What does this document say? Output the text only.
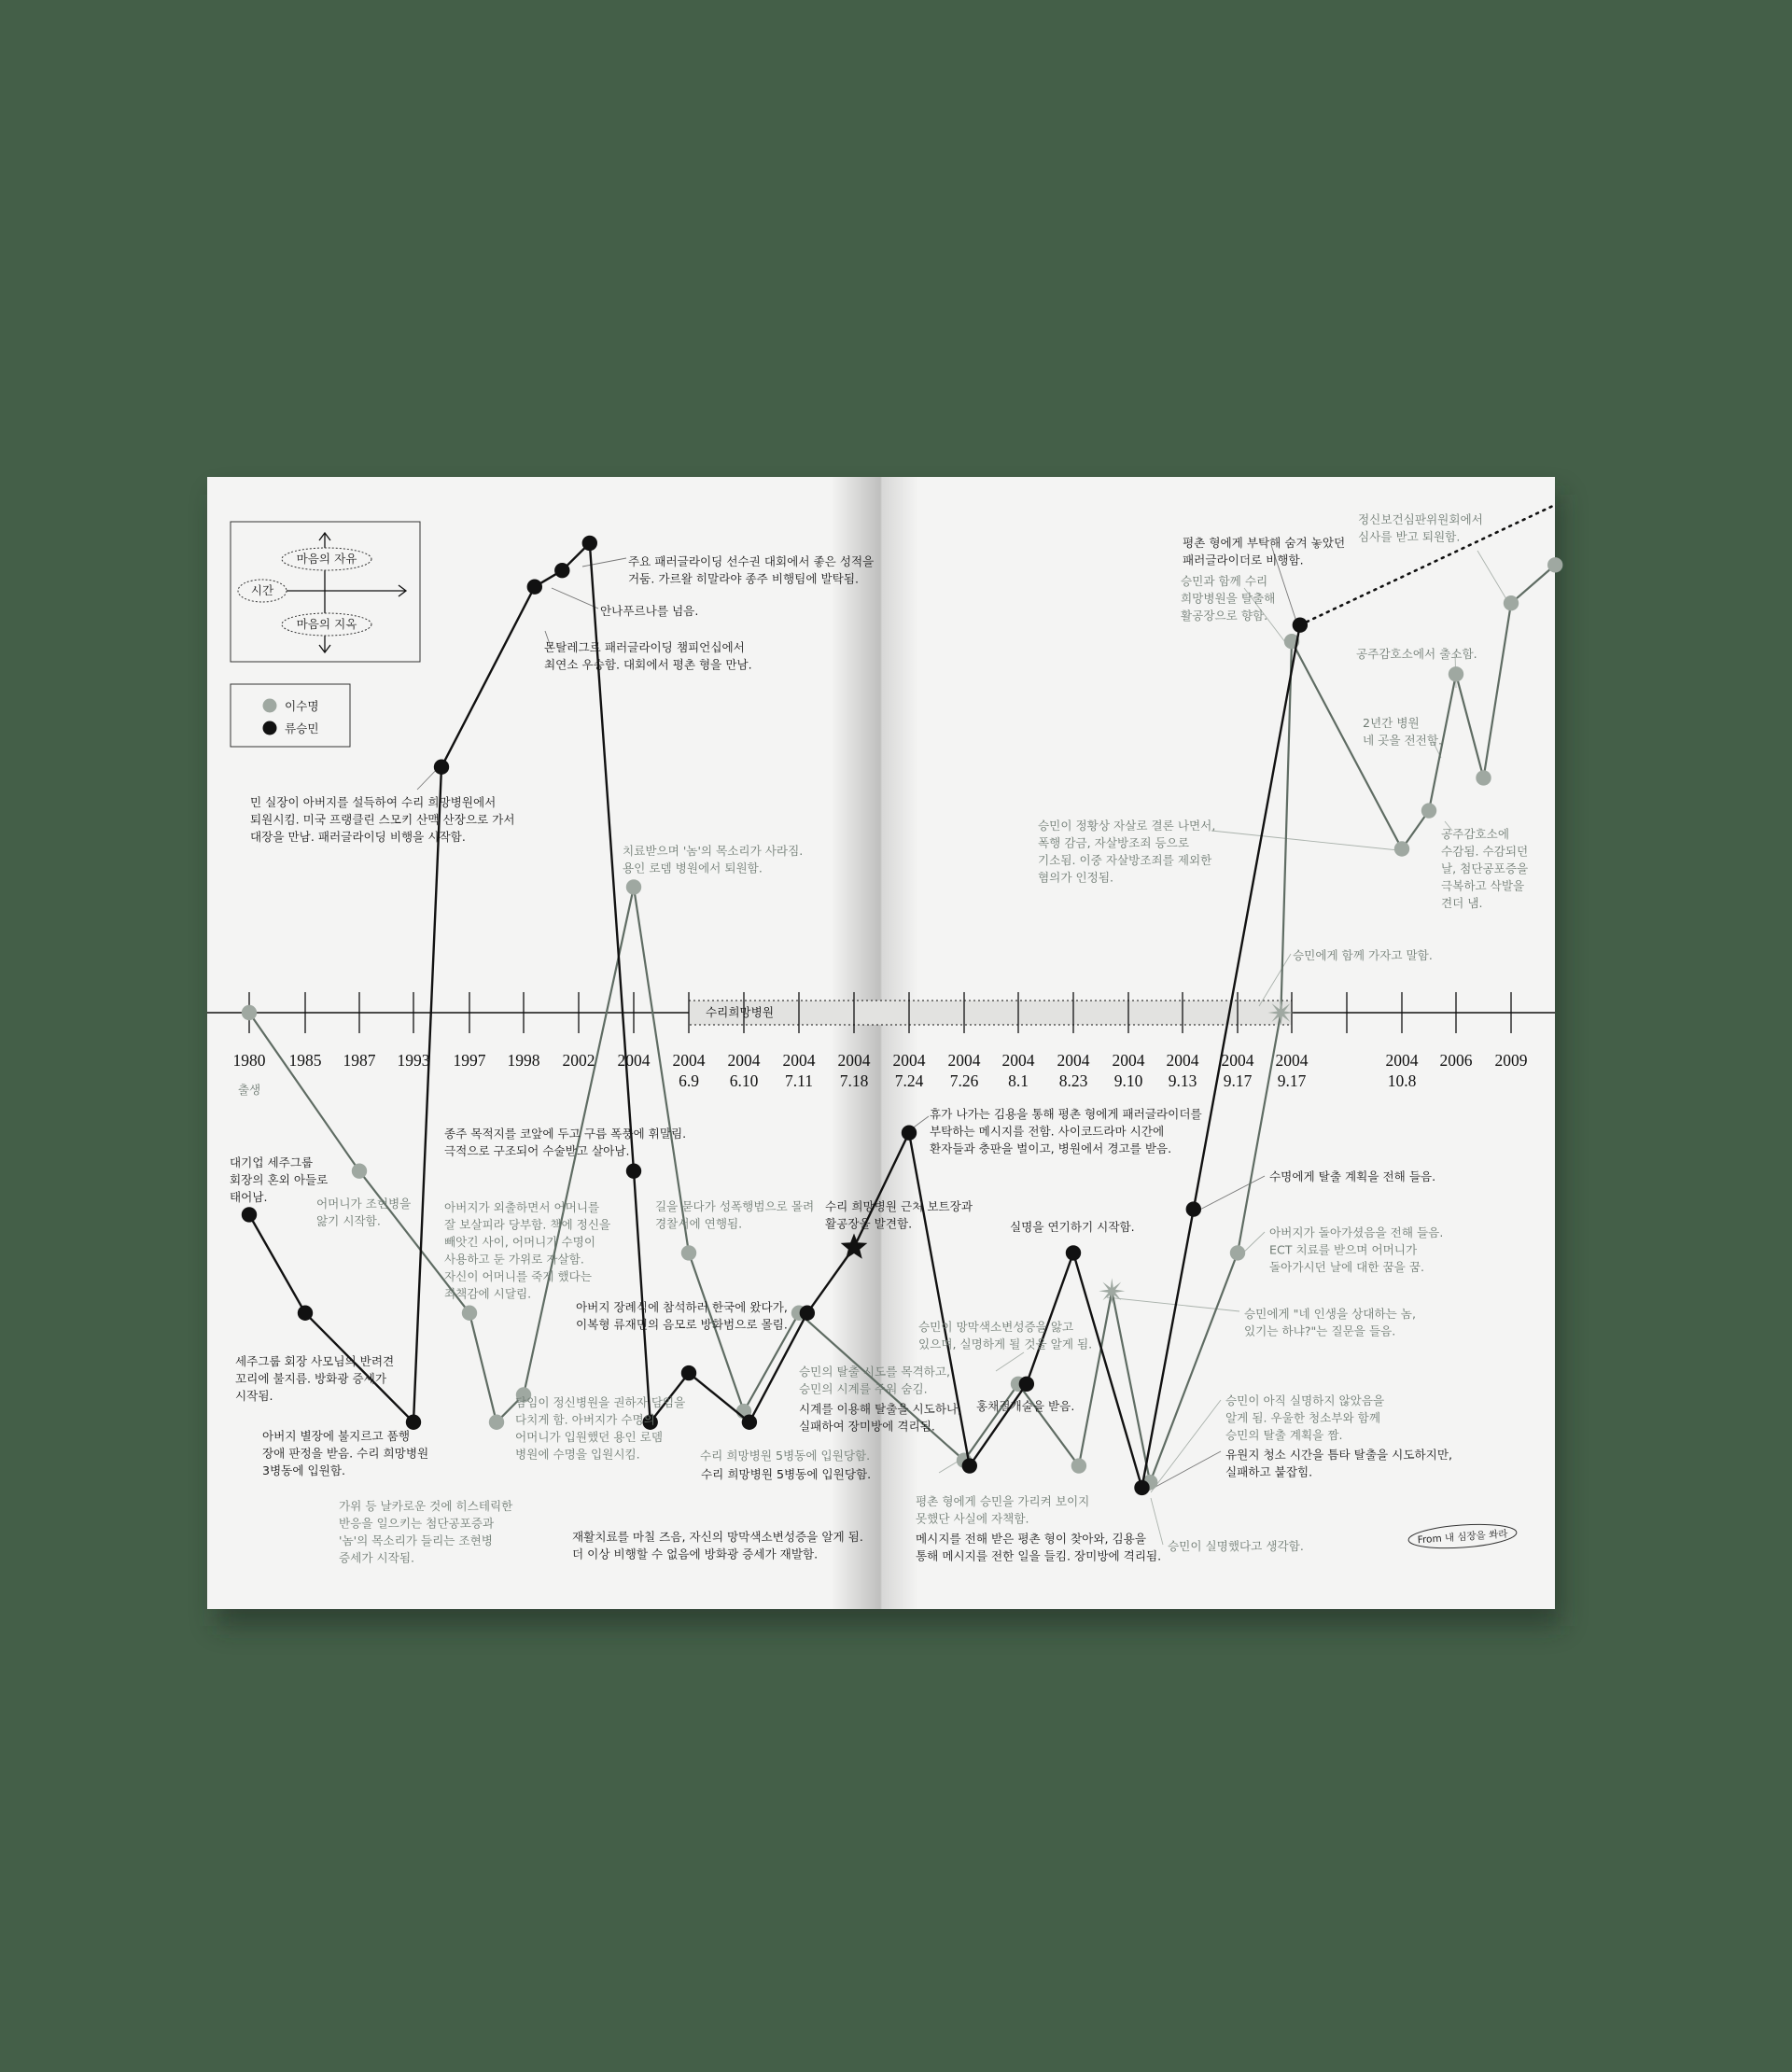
마음의 자유
시간
마음의 지옥
이수명
류승민
수리희망병원
1980 1985 1987 1993 1997 1998 2002 2004 2004
6.9
2004
6.10
2004
7.11
2004
7.18
2004
7.24
2004
7.26
2004
8.1
2004
8.23
2004
9.10
2004
9.13
2004
9.17
2004
9.17
2004
10.8
2006 2009
출생
주요 패러글라이딩 선수권 대회에서 좋은 성적을 거둠. 가르왈 히말라야 종주 비행팀에 발탁됨.
안나푸르나를 넘음.
몬탈레그르 패러글라이딩 챔피언십에서 최연소 우승함. 대회에서 평촌 형을 만남.
민 실장이 아버지를 설득하여 수리 희망병원에서 퇴원시킴. 미국 프랭클린 스모키 산맥 산장으로 가서 대장을 만남. 패러글라이딩 비행을 시작함.
치료받으며 '놈'의 목소리가 사라짐. 용인 로뎀 병원에서 퇴원함.
대기업 세주그룹 회장의 혼외 아들로 태어남.	어머니가 조현병을 앓기 시작함.
세주그룹 회장 사모님의 반려견 꼬리에 불지름. 방화광 증세가 시작됨.
아버지 별장에 불지르고 품행 장애 판정을 받음. 수리 희망병원 3병동에 입원함.
가위 등 날카로운 것에 히스테릭한 반응을 일으키는 첨단공포증과 '놈'의 목소리가 들리는 조현병 증세가 시작됨.
종주 목적지를 코앞에 두고 구름 폭풍에 휘말림. 극적으로 구조되어 수술받고 살아남.
아버지가 외출하면서 어머니를 잘 보살피라 당부함. 책에 정신을 빼앗긴 사이, 어머니가 수명이 사용하고 둔 가위로 자살함. 자신이 어머니를 죽게 했다는 죄책감에 시달림.
담임이 정신병원을 권하자 담임을 다치게 함. 아버지가 수명의 어머니가 입원했던 용인 로뎀 병원에 수명을 입원시킴.
아버지 장례식에 참석하러 한국에 왔다가, 이복형 류재민의 음모로 방화범으로 몰림.
재활치료를 마칠 즈음, 자신의 망막색소변성증을 알게 됨. 더 이상 비행할 수 없음에 방화광 증세가 재발함.
길을 묻다가 성폭행범으로 몰려 경찰서에 연행됨.
수리 희망병원 5병동에 입원당함.
수리 희망병원 5병동에 입원당함.
수리 희망병원 근처 보트장과 활공장을 발견함.
승민의 탈출 시도를 목격하고, 승민의 시계를 주워 숨김.
시계를 이용해 탈출을 시도하나, 실패하여 장미방에 격리됨.
휴가 나가는 김용을 통해 평촌 형에게 패러글라이더를 부탁하는 메시지를 전함. 사이코드라마 시간에 환자들과 충판을 벌이고, 병원에서 경고를 받음.
승민이 망막색소변성증을 앓고 있으며, 실명하게 될 것을 알게 됨.
실명을 연기하기 시작함.
홍채절개술을 받음.
평촌 형에게 승민을 가리켜 보이지 못했단 사실에 자책함.
메시지를 전해 받은 평촌 형이 찾아와, 김용을 통해 메시지를 전한 일을 들킴. 장미방에 격리됨.
수명에게 탈출 계획을 전해 들음.
아버지가 돌아가셨음을 전해 들음. ECT 치료를 받으며 어머니가 돌아가시던 날에 대한 꿈을 꿈.
승민에게 "네 인생을 상대하는 놈, 있기는 하냐?"는 질문을 들음.
승민이 아직 실명하지 않았음을 알게 됨. 우울한 청소부와 함께 승민의 탈출 계획을 짬.
유원지 청소 시간을 틈타 탈출을 시도하지만, 실패하고 붙잡힘.
승민이 실명했다고 생각함.
승민에게 함께 가자고 말함.
승민이 정황상 자살로 결론 나면서, 폭행 감금, 자살방조죄 등으로 기소됨. 이중 자살방조죄를 제외한 혐의가 인정됨.
평촌 형에게 부탁해 숨겨 놓았던 패러글라이더로 비행함.
승민과 함께 수리 희망병원을 탈출해 활공장으로 향함.
정신보건심판위원회에서 심사를 받고 퇴원함.
공주감호소에서 출소함.
2년간 병원 네 곳을 전전함.
공주감호소에 수감됨. 수감되던 날, 첨단공포증을 극복하고 삭발을 견더 냄.
From 내 심장을 쏴라
